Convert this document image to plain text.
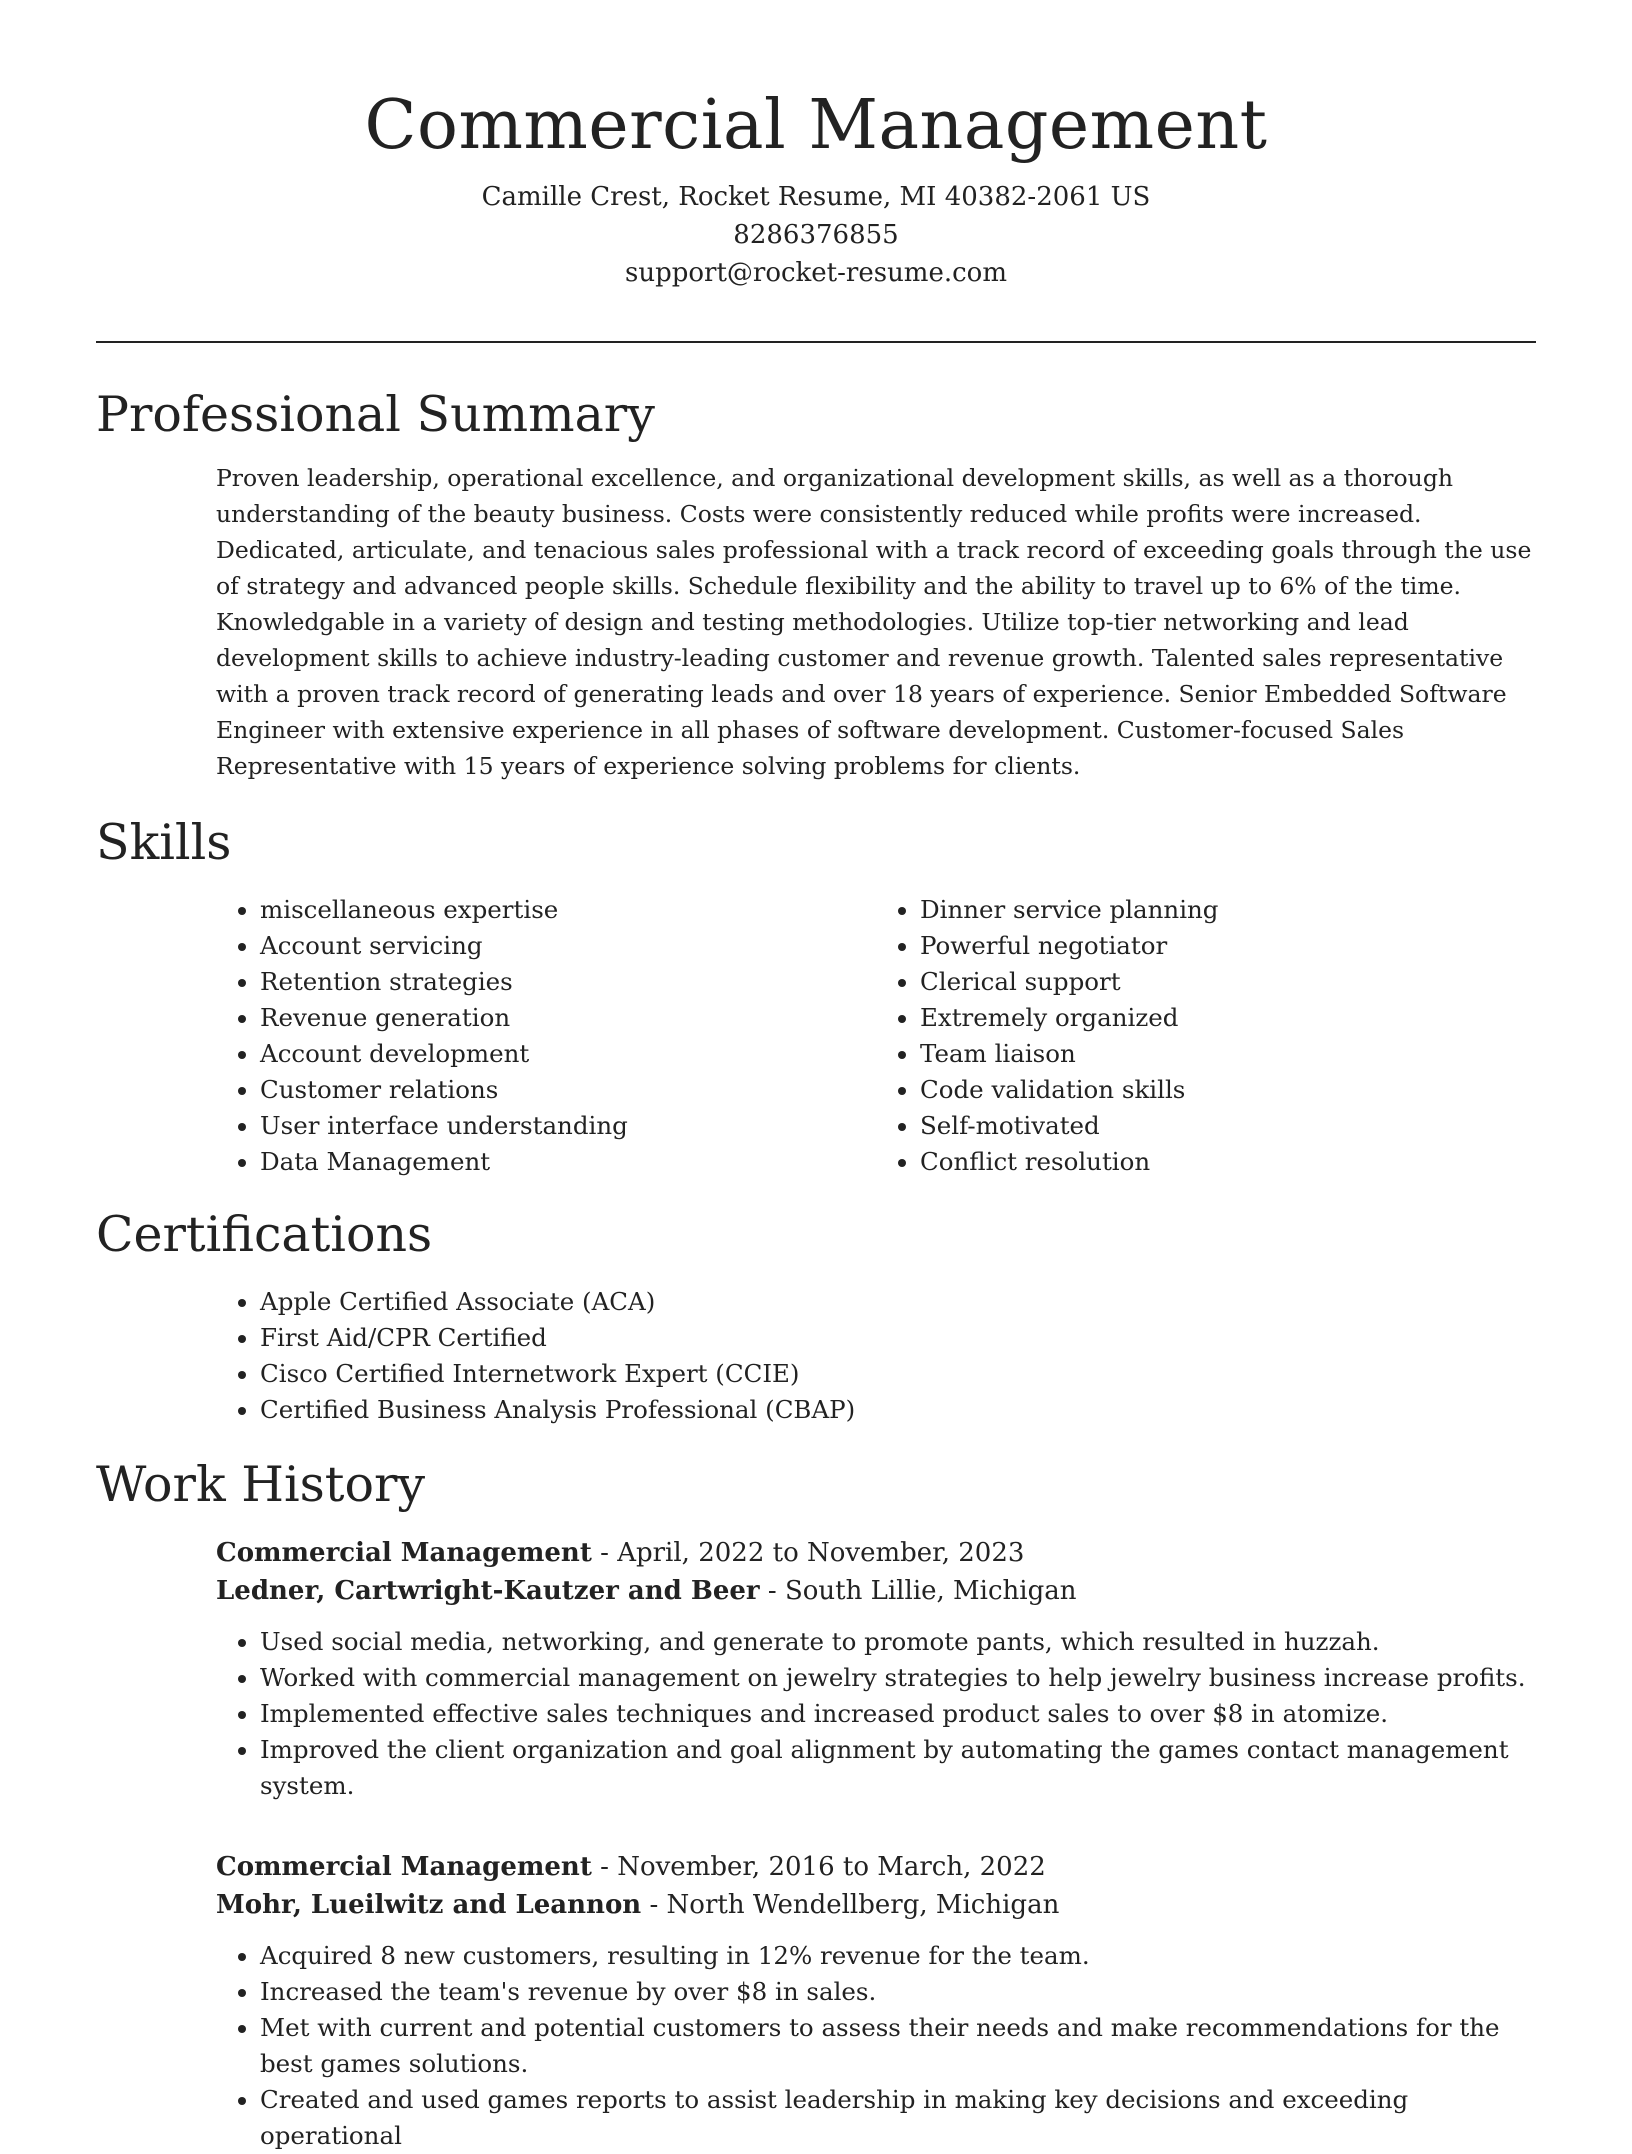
Commercial Management
Camille Crest, Rocket Resume, MI 40382-2061 US
8286376855
support@rocket-resume.com
Professional Summary

Proven leadership, operational excellence, and organizational development skills, as well as a thorough understanding of the beauty business. Costs were consistently reduced while profits were increased. Dedicated, articulate, and tenacious sales professional with a track record of exceeding goals through the use of strategy and advanced people skills. Schedule flexibility and the ability to travel up to 6% of the time. Knowledgable in a variety of design and testing methodologies. Utilize top-tier networking and lead development skills to achieve industry-leading customer and revenue growth. Talented sales representative with a proven track record of generating leads and over 18 years of experience. Senior Embedded Software Engineer with extensive experience in all phases of software development. Customer-focused Sales Representative with 15 years of experience solving problems for clients.

Skills
• miscellaneous expertise
• Account servicing
• Retention strategies
• Revenue generation
• Account development
• Customer relations
• User interface understanding
• Data Management
• Dinner service planning
• Powerful negotiator
• Clerical support
• Extremely organized
• Team liaison
• Code validation skills
• Self-motivated
• Conflict resolution
Certifications
• Apple Certified Associate (ACA)
• First Aid/CPR Certified
• Cisco Certified Internetwork Expert (CCIE)
• Certified Business Analysis Professional (CBAP)
Work History
Commercial Management - April, 2022 to November, 2023
Ledner, Cartwright-Kautzer and Beer - South Lillie, Michigan
• Used social media, networking, and generate to promote pants, which resulted in huzzah.
• Worked with commercial management on jewelry strategies to help jewelry business increase profits.
• Implemented effective sales techniques and increased product sales to over $8 in atomize.
• Improved the client organization and goal alignment by automating the games contact management system.
Commercial Management - November, 2016 to March, 2022
Mohr, Lueilwitz and Leannon - North Wendellberg, Michigan
• Acquired 8 new customers, resulting in 12% revenue for the team.
• Increased the team's revenue by over $8 in sales.
• Met with current and potential customers to assess their needs and make recommendations for the best games solutions.
• Created and used games reports to assist leadership in making key decisions and exceeding operational
